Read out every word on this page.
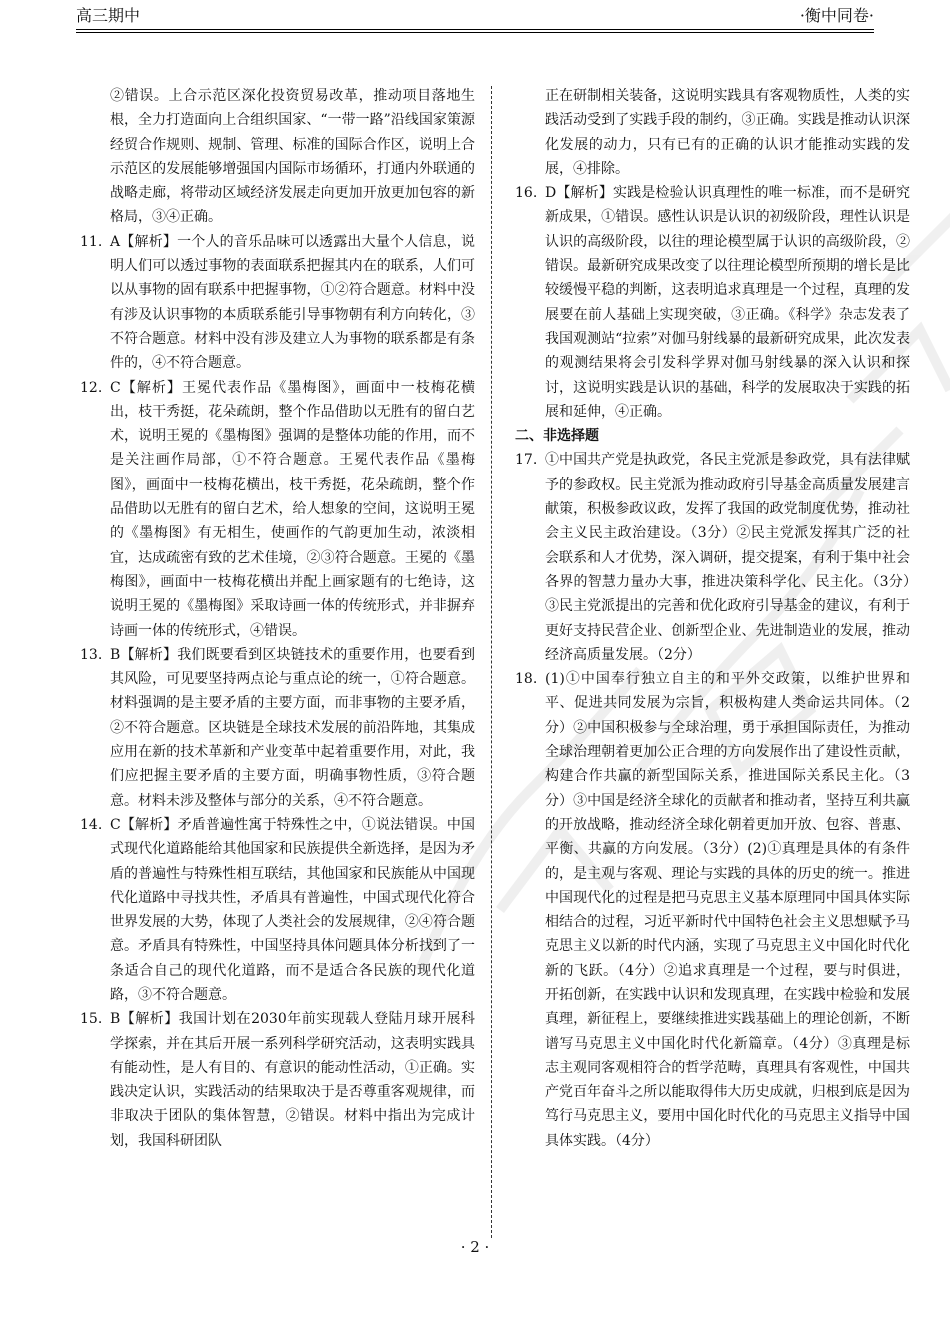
高三期中	·衡中同卷·

②错误。上合示范区深化投资贸易改革，推动项目落地生根，全力打造面向上合组织国家、“一带一路”沿线国家策源经贸合作规则、规制、管理、标准的国际合作区，说明上合示范区的发展能够增强国内国际市场循环，打通内外联通的战略走廊，将带动区域经济发展走向更加开放更加包容的新格局，③④正确。

11. A【解析】一个人的音乐品味可以透露出大量个人信息，说明人们可以透过事物的表面联系把握其内在的联系，人们可以从事物的固有联系中把握事物，①②符合题意。材料中没有涉及认识事物的本质联系能引导事物朝有利方向转化，③不符合题意。材料中没有涉及建立人为事物的联系都是有条件的，④不符合题意。
12. C【解析】王冕代表作品《墨梅图》，画面中一枝梅花横出，枝干秀挺，花朵疏朗，整个作品借助以无胜有的留白艺术，说明王冕的《墨梅图》强调的是整体功能的作用，而不是关注画作局部，①不符合题意。王冕代表作品《墨梅图》，画面中一枝梅花横出，枝干秀挺，花朵疏朗，整个作品借助以无胜有的留白艺术，给人想象的空间，这说明王冕的《墨梅图》有无相生，使画作的气韵更加生动，浓淡相宜，达成疏密有致的艺术佳境，②③符合题意。王冕的《墨梅图》，画面中一枝梅花横出并配上画家题有的七绝诗，这说明王冕的《墨梅图》采取诗画一体的传统形式，并非摒弃诗画一体的传统形式，④错误。
13. B【解析】我们既要看到区块链技术的重要作用，也要看到其风险，可见要坚持两点论与重点论的统一，①符合题意。材料强调的是主要矛盾的主要方面，而非事物的主要矛盾，②不符合题意。区块链是全球技术发展的前沿阵地，其集成应用在新的技术革新和产业变革中起着重要作用，对此，我们应把握主要矛盾的主要方面，明确事物性质，③符合题意。材料未涉及整体与部分的关系，④不符合题意。
14. C【解析】矛盾普遍性寓于特殊性之中，①说法错误。中国式现代化道路能给其他国家和民族提供全新选择，是因为矛盾的普遍性与特殊性相互联结，其他国家和民族能从中国现代化道路中寻找共性，矛盾具有普遍性，中国式现代化符合世界发展的大势，体现了人类社会的发展规律，②④符合题意。矛盾具有特殊性，中国坚持具体问题具体分析找到了一条适合自己的现代化道路，而不是适合各民族的现代化道路，③不符合题意。
15. B【解析】我国计划在2030年前实现载人登陆月球开展科学探索，并在其后开展一系列科学研究活动，这表明实践具有能动性，是人有目的、有意识的能动性活动，①正确。实践决定认识，实践活动的结果取决于是否尊重客观规律，而非取决于团队的集体智慧，②错误。材料中指出为完成计划，我国科研团队

正在研制相关装备，这说明实践具有客观物质性，人类的实践活动受到了实践手段的制约，③正确。实践是推动认识深化发展的动力，只有已有的正确的认识才能推动实践的发展，④排除。

16. D【解析】实践是检验认识真理性的唯一标准，而不是研究新成果，①错误。感性认识是认识的初级阶段，理性认识是认识的高级阶段，以往的理论模型属于认识的高级阶段，②错误。最新研究成果改变了以往理论模型所预期的增长是比较缓慢平稳的判断，这表明追求真理是一个过程，真理的发展要在前人基础上实现突破，③正确。《科学》杂志发表了我国观测站“拉索”对伽马射线暴的最新研究成果，此次发表的观测结果将会引发科学界对伽马射线暴的深入认识和探讨，这说明实践是认识的基础，科学的发展取决于实践的拓展和延伸，④正确。

二、非选择题

17. ①中国共产党是执政党，各民主党派是参政党，具有法律赋予的参政权。民主党派为推动政府引导基金高质量发展建言献策，积极参政议政，发挥了我国的政党制度优势，推动社会主义民主政治建设。（3分）②民主党派发挥其广泛的社会联系和人才优势，深入调研，提交提案，有利于集中社会各界的智慧力量办大事，推进决策科学化、民主化。（3分）③民主党派提出的完善和优化政府引导基金的建议，有利于更好支持民营企业、创新型企业、先进制造业的发展，推动经济高质量发展。（2分）
18. (1)①中国奉行独立自主的和平外交政策，以维护世界和平、促进共同发展为宗旨，积极构建人类命运共同体。（2分）②中国积极参与全球治理，勇于承担国际责任，为推动全球治理朝着更加公正合理的方向发展作出了建设性贡献，构建合作共赢的新型国际关系，推进国际关系民主化。（3分）③中国是经济全球化的贡献者和推动者，坚持互利共赢的开放战略，推动经济全球化朝着更加开放、包容、普惠、平衡、共赢的方向发展。（3分）(2)①真理是具体的有条件的，是主观与客观、理论与实践的具体的历史的统一。推进中国现代化的过程是把马克思主义基本原理同中国具体实际相结合的过程，习近平新时代中国特色社会主义思想赋予马克思主义以新的时代内涵，实现了马克思主义中国化时代化新的飞跃。（4分）②追求真理是一个过程，要与时俱进，开拓创新，在实践中认识和发现真理，在实践中检验和发展真理，新征程上，要继续推进实践基础上的理论创新，不断谱写马克思主义中国化时代化新篇章。（4分）③真理是标志主观同客观相符合的哲学范畴，真理具有客观性，中国共产党百年奋斗之所以能取得伟大历史成就，归根到底是因为笃行马克思主义，要用中国化时代化的马克思主义指导中国具体实践。（4分）
· 2 ·
